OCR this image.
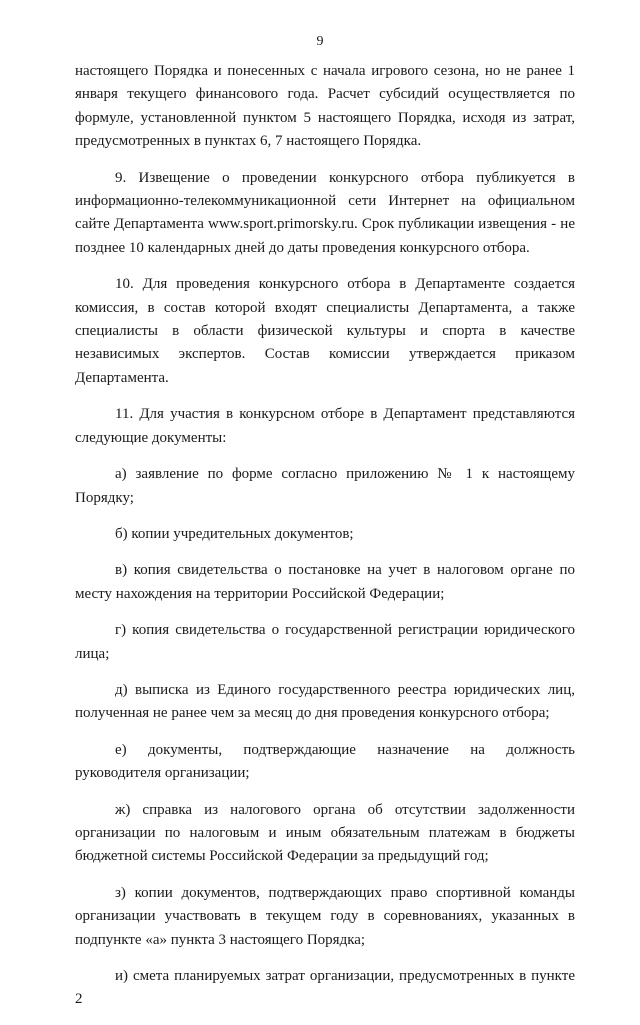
9

настоящего Порядка и понесенных с начала игрового сезона, но не ранее 1 января текущего финансового года. Расчет субсидий осуществляется по формуле, установленной пунктом 5 настоящего Порядка, исходя из затрат, предусмотренных в пунктах 6, 7 настоящего Порядка.

9. Извещение о проведении конкурсного отбора публикуется в информационно-телекоммуникационной сети Интернет на официальном сайте Департамента www.sport.primorsky.ru. Срок публикации извещения - не позднее 10 календарных дней до даты проведения конкурсного отбора.

10. Для проведения конкурсного отбора в Департаменте создается комиссия, в состав которой входят специалисты Департамента, а также специалисты в области физической культуры и спорта в качестве независимых экспертов. Состав комиссии утверждается приказом Департамента.

11. Для участия в конкурсном отборе в Департамент представляются следующие документы:

а) заявление по форме согласно приложению № 1 к настоящему Порядку;

б) копии учредительных документов;

в) копия свидетельства о постановке на учет в налоговом органе по месту нахождения на территории Российской Федерации;

г) копия свидетельства о государственной регистрации юридического лица;

д) выписка из Единого государственного реестра юридических лиц, полученная не ранее чем за месяц до дня проведения конкурсного отбора;

е) документы, подтверждающие назначение на должность руководителя организации;

ж) справка из налогового органа об отсутствии задолженности организации по налоговым и иным обязательным платежам в бюджеты бюджетной системы Российской Федерации за предыдущий год;

з) копии документов, подтверждающих право спортивной команды организации участвовать в текущем году в соревнованиях, указанных в подпункте «а» пункта 3 настоящего Порядка;

и) смета планируемых затрат организации, предусмотренных в пункте 2
